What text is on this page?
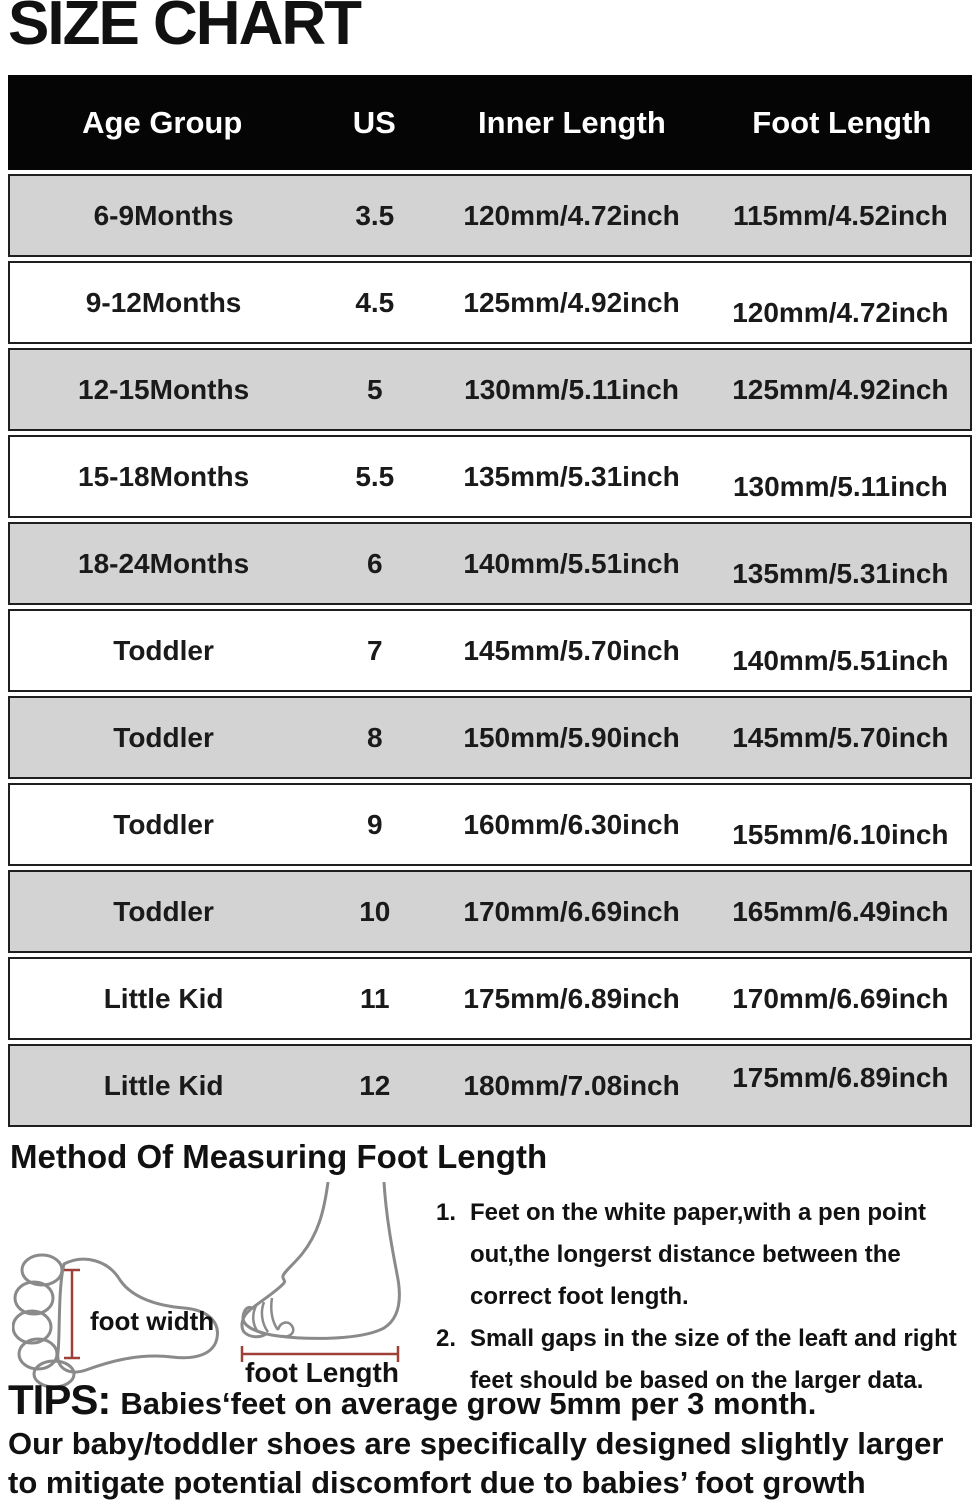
SIZE CHART
Age Group	US	Inner Length	Foot Length
6-9Months	3.5	120mm/4.72inch	115mm/4.52inch
9-12Months	4.5	125mm/4.92inch	120mm/4.72inch
12-15Months	5	130mm/5.11inch	125mm/4.92inch
15-18Months	5.5	135mm/5.31inch	130mm/5.11inch
18-24Months	6	140mm/5.51inch	135mm/5.31inch
Toddler	7	145mm/5.70inch	140mm/5.51inch
Toddler	8	150mm/5.90inch	145mm/5.70inch
Toddler	9	160mm/6.30inch	155mm/6.10inch
Toddler	10	170mm/6.69inch	165mm/6.49inch
Little Kid	11	175mm/6.89inch	170mm/6.69inch
Little Kid	12	180mm/7.08inch	175mm/6.89inch
Method Of Measuring Foot Length
foot width
foot Length
1. Feet on the white paper,with a pen point out,the longerst distance between the correct foot length.
2. Small gaps in the size of the leaft and right feet should be based on the larger data.
TIPS: Babies‘feet on average grow 5mm per 3 month.
Our baby/toddler shoes are specifically designed slightly larger
to mitigate potential discomfort due to babies’ foot growth
